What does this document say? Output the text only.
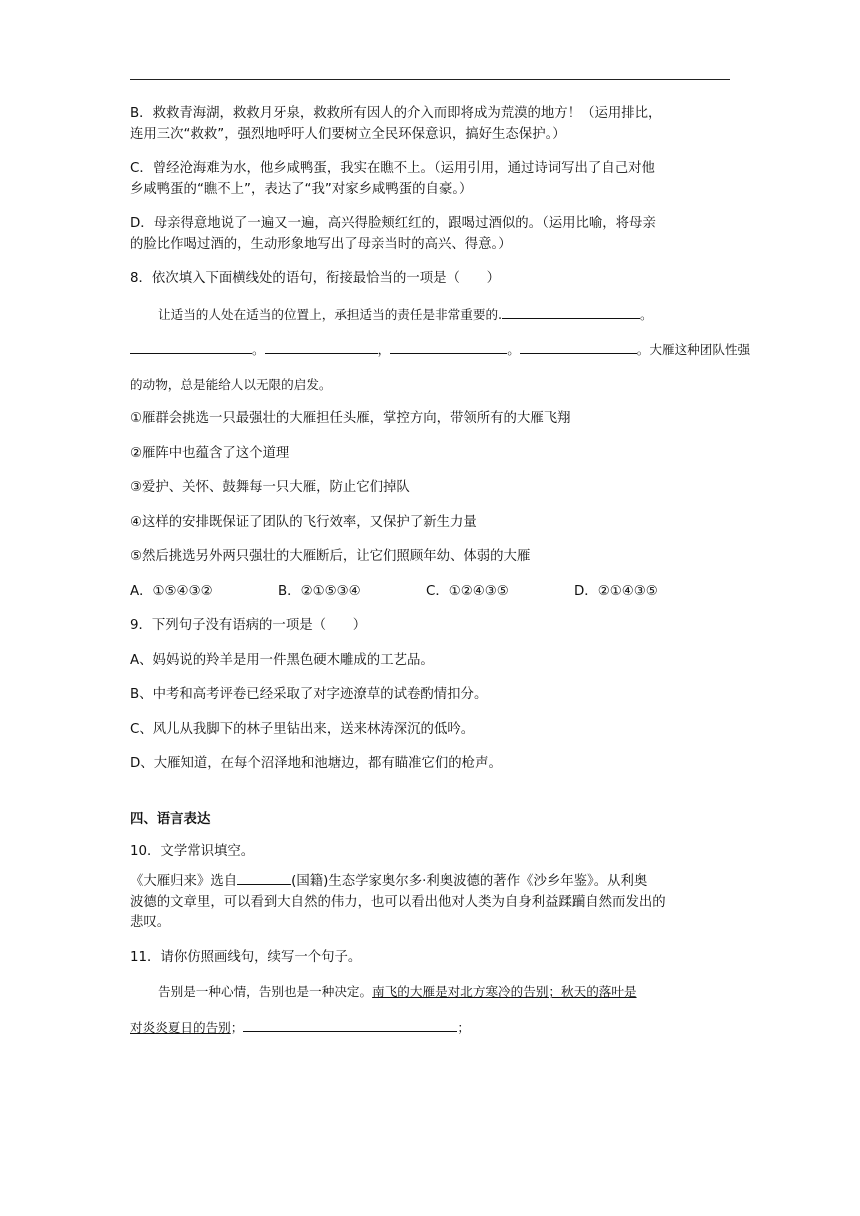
B．救救青海湖，救救月牙泉，救救所有因人的介入而即将成为荒漠的地方！（运用排比，
连用三次“救救”，强烈地呼吁人们要树立全民环保意识，搞好生态保护。）
C．曾经沧海难为水，他乡咸鸭蛋，我实在瞧不上。（运用引用，通过诗词写出了自己对他
乡咸鸭蛋的“瞧不上”，表达了“我”对家乡咸鸭蛋的自豪。）
D．母亲得意地说了一遍又一遍，高兴得脸颊红红的，跟喝过酒似的。（运用比喻，将母亲
的脸比作喝过酒的，生动形象地写出了母亲当时的高兴、得意。）
8．依次填入下面横线处的语句，衔接最恰当的一项是（　　）
让适当的人处在适当的位置上，承担适当的责任是非常重要的.	。
。	，	。	。大雁这种团队性强
的动物，总是能给人以无限的启发。
①雁群会挑选一只最强壮的大雁担任头雁，掌控方向，带领所有的大雁飞翔
②雁阵中也蕴含了这个道理
③爱护、关怀、鼓舞每一只大雁，防止它们掉队
④这样的安排既保证了团队的飞行效率，又保护了新生力量
⑤然后挑选另外两只强壮的大雁断后，让它们照顾年幼、体弱的大雁
A．①⑤④③②	B．②①⑤③④	C．①②④③⑤	D．②①④③⑤
9．下列句子没有语病的一项是（　　）
A、妈妈说的羚羊是用一件黑色硬木雕成的工艺品。
B、中考和高考评卷已经采取了对字迹潦草的试卷酌情扣分。
C、风儿从我脚下的林子里钻出来，送来林涛深沉的低吟。
D、大雁知道，在每个沼泽地和池塘边，都有瞄准它们的枪声。
四、语言表达
10．文学常识填空。
《大雁归来》选自	(国籍)生态学家奥尔多·利奥波德的著作《沙乡年鉴》。从利奥
波德的文章里，可以看到大自然的伟力，也可以看出他对人类为自身利益蹂躏自然而发出的
悲叹。
11．请你仿照画线句，续写一个句子。
告别是一种心情，告别也是一种决定。南飞的大雁是对北方寒冷的告别；秋天的落叶是
对炎炎夏日的告别；	；
